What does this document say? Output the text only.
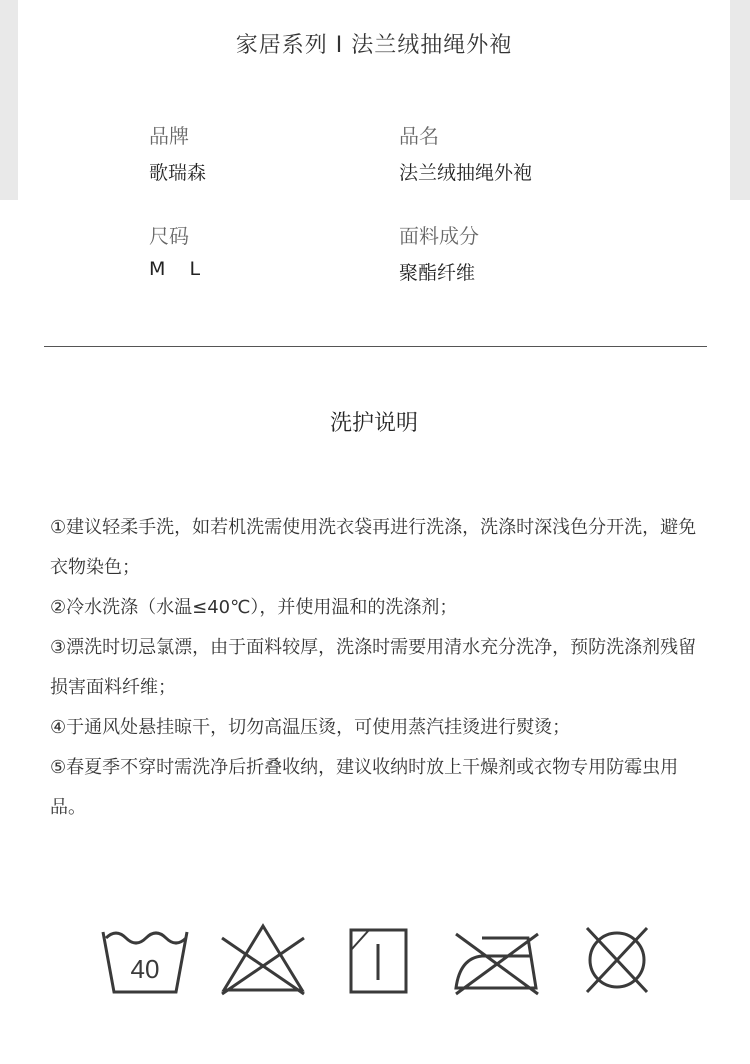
家居系列 I 法兰绒抽绳外袍
品牌
歌瑞森
品名
法兰绒抽绳外袍
尺码
M    L
面料成分
聚酯纤维
洗护说明

①建议轻柔手洗，如若机洗需使用洗衣袋再进行洗涤，洗涤时深浅色分开洗，避免衣物染色；

②冷水洗涤（水温≤40℃），并使用温和的洗涤剂；

③漂洗时切忌氯漂，由于面料较厚，洗涤时需要用清水充分洗净，预防洗涤剂残留损害面料纤维；

④于通风处悬挂晾干，切勿高温压烫，可使用蒸汽挂烫进行熨烫；

⑤春夏季不穿时需洗净后折叠收纳，建议收纳时放上干燥剂或衣物专用防霉虫用品。

40
